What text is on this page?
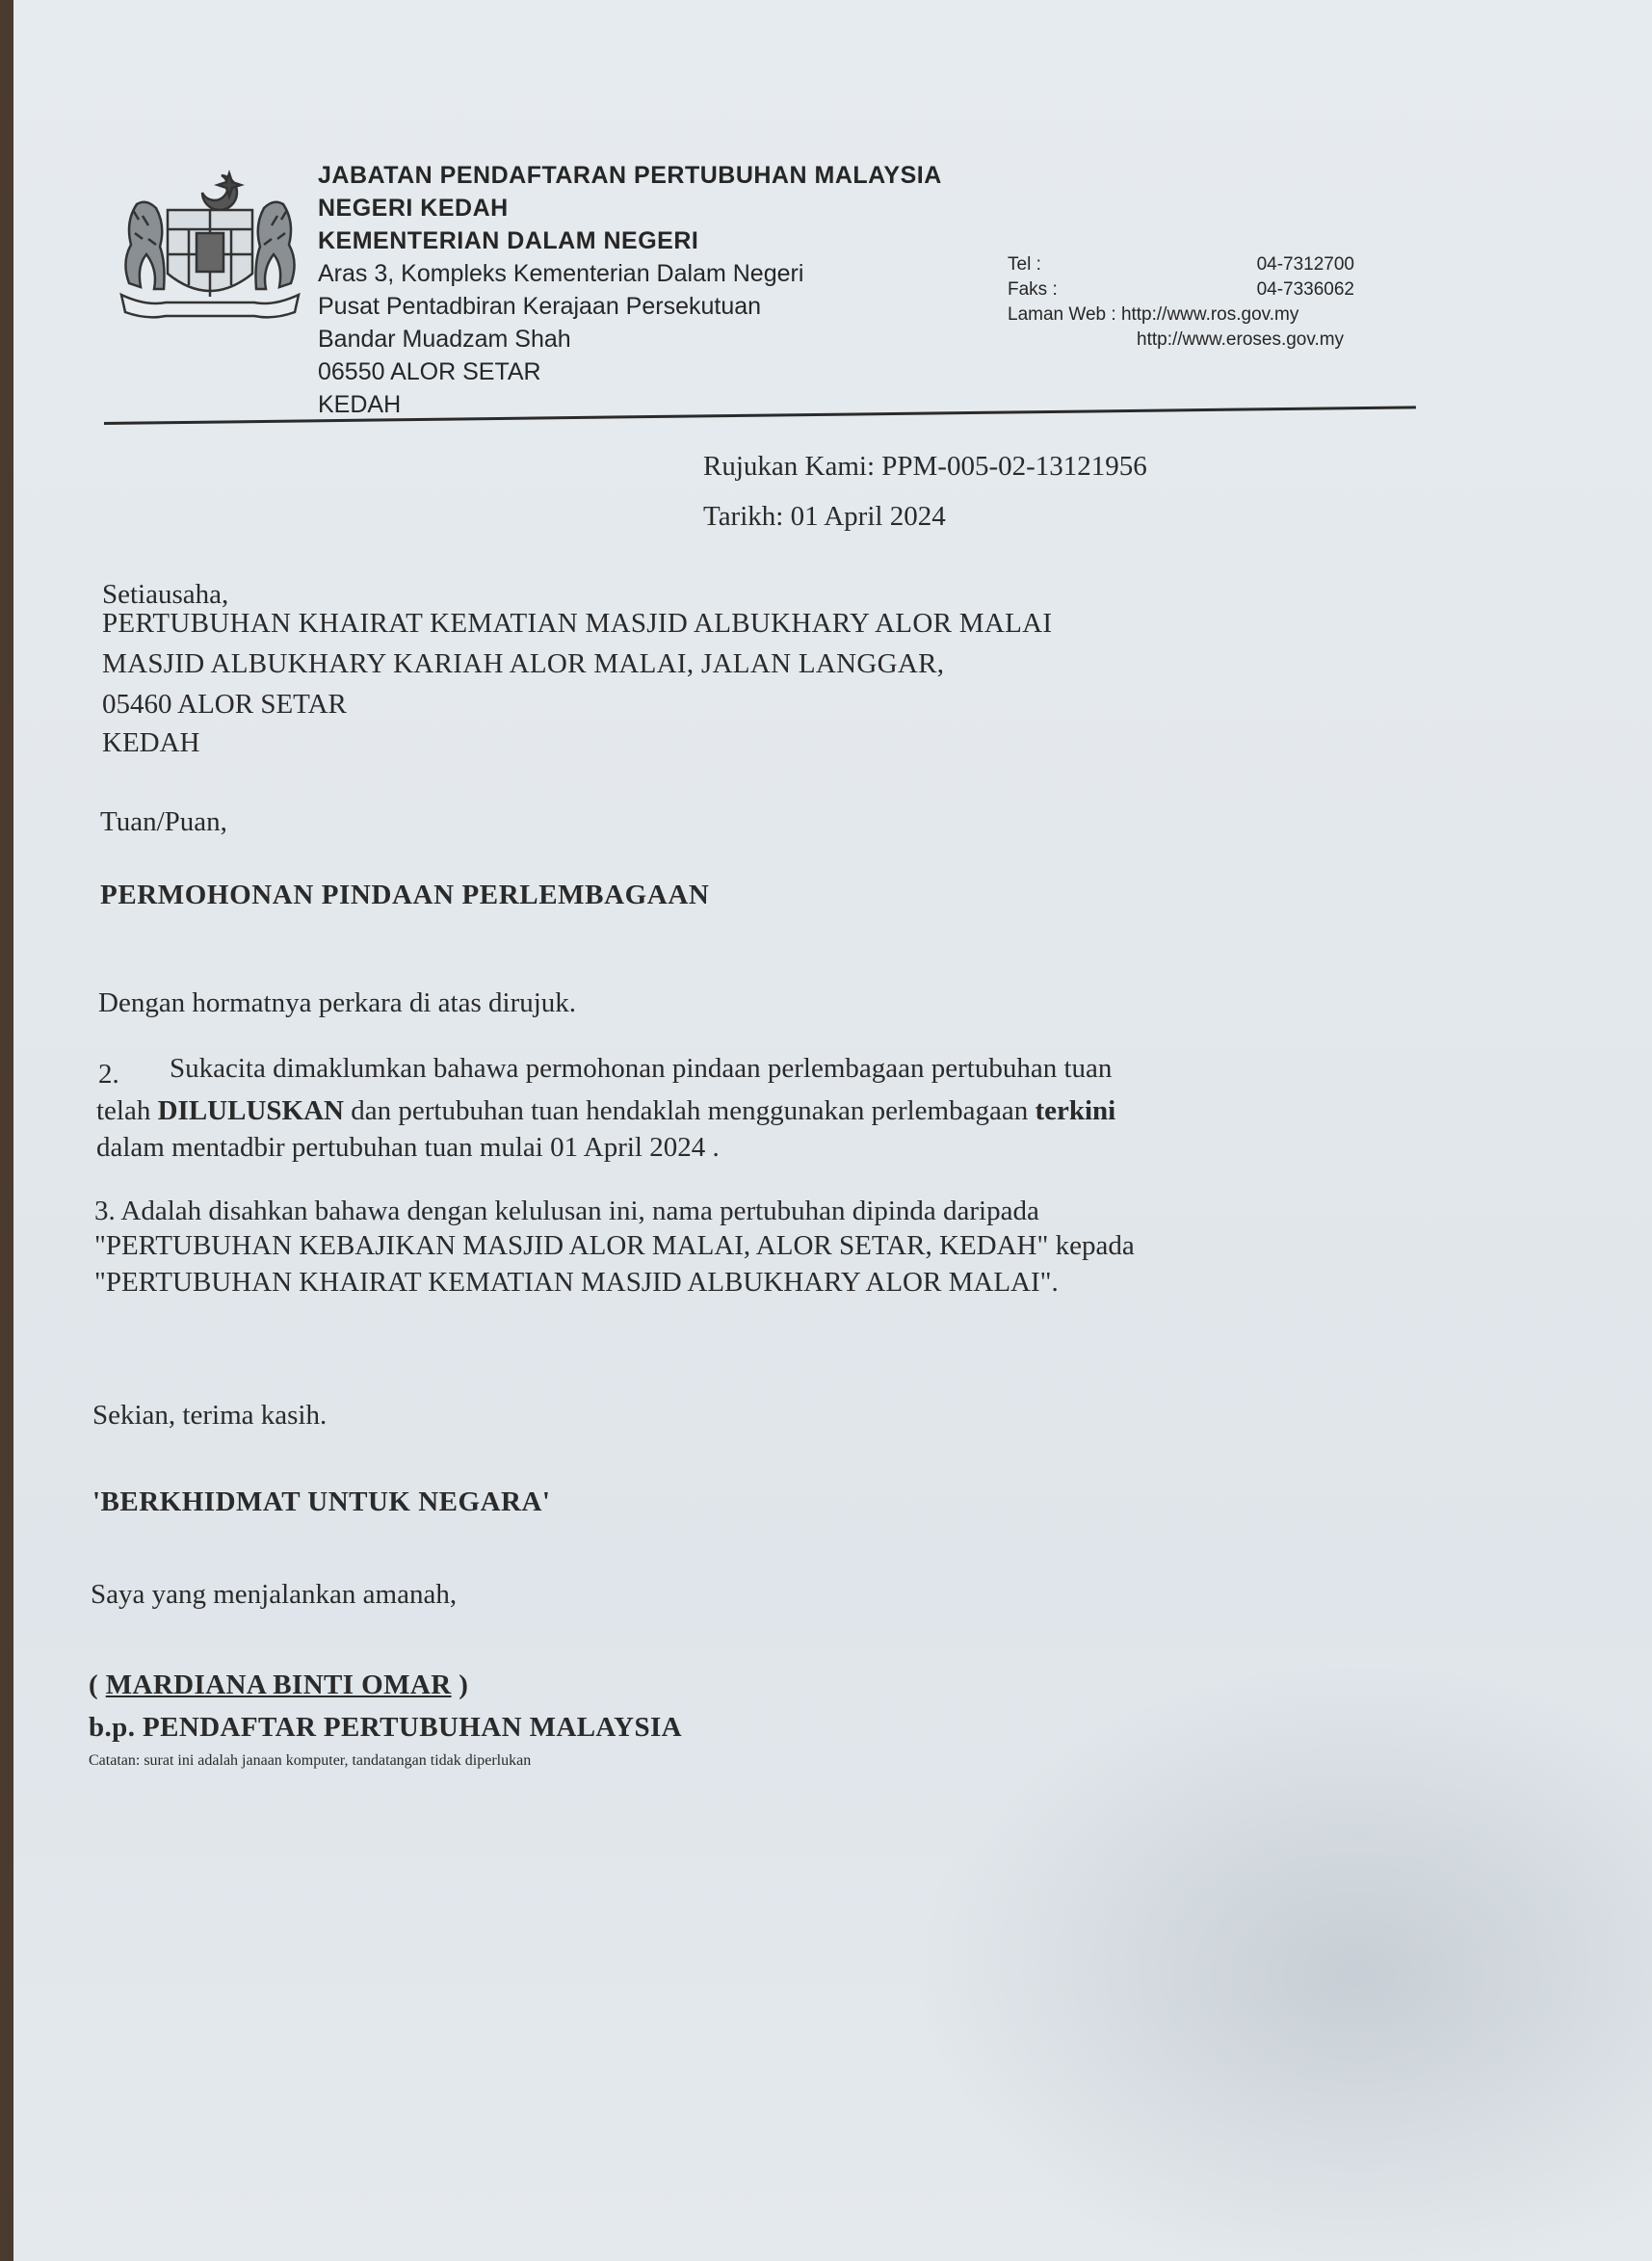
JABATAN PENDAFTARAN PERTUBUHAN MALAYSIA
NEGERI KEDAH
KEMENTERIAN DALAM NEGERI
Aras 3, Kompleks Kementerian Dalam Negeri
Pusat Pentadbiran Kerajaan Persekutuan
Bandar Muadzam Shah
06550 ALOR SETAR
KEDAH
Tel :	04-7312700
Faks :	04-7336062
Laman Web : http://www.ros.gov.my
http://www.eroses.gov.my
Rujukan Kami: PPM-005-02-13121956
Tarikh: 01 April 2024
Setiausaha,
PERTUBUHAN KHAIRAT KEMATIAN MASJID ALBUKHARY ALOR MALAI
MASJID ALBUKHARY KARIAH ALOR MALAI, JALAN LANGGAR,
05460 ALOR SETAR
KEDAH
Tuan/Puan,
PERMOHONAN PINDAAN PERLEMBAGAAN
Dengan hormatnya perkara di atas dirujuk.
2. Sukacita dimaklumkan bahawa permohonan pindaan perlembagaan pertubuhan tuan
telah DILULUSKAN dan pertubuhan tuan hendaklah menggunakan perlembagaan terkini
dalam mentadbir pertubuhan tuan mulai 01 April 2024 .
3. Adalah disahkan bahawa dengan kelulusan ini, nama pertubuhan dipinda daripada
"PERTUBUHAN KEBAJIKAN MASJID ALOR MALAI, ALOR SETAR, KEDAH" kepada
"PERTUBUHAN KHAIRAT KEMATIAN MASJID ALBUKHARY ALOR MALAI".
Sekian, terima kasih.
'BERKHIDMAT UNTUK NEGARA'
Saya yang menjalankan amanah,
( MARDIANA BINTI OMAR )
b.p. PENDAFTAR PERTUBUHAN MALAYSIA
Catatan: surat ini adalah janaan komputer, tandatangan tidak diperlukan
